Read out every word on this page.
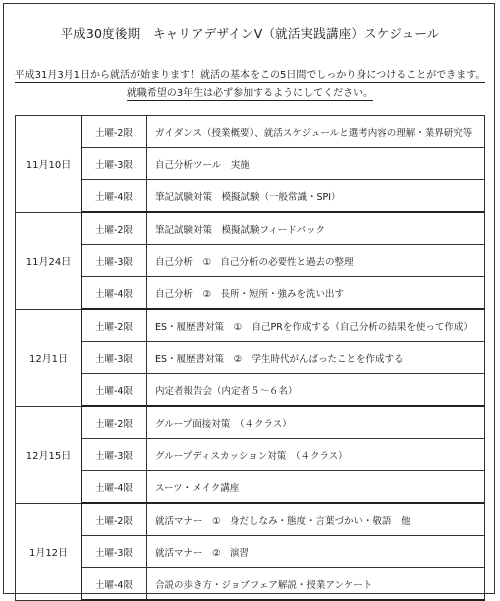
平成30度後期　キャリアデザインⅤ（就活実践講座）スケジュール
平成31月3月1日から就活が始まります！就活の基本をこの5日間でしっかり身につけることができます。
就職希望の3年生は必ず参加するようにしてください。
11月10日	土曜-2限	ガイダンス（授業概要）、就活スケジュールと選考内容の理解・業界研究等
	土曜-3限	自己分析ツール　実施
	土曜-4限	筆記試験対策　模擬試験（一般常識・SPI）
11月24日	土曜-2限	筆記試験対策　模擬試験フィードバック
	土曜-3限	自己分析　①　自己分析の必要性と過去の整理
	土曜-4限	自己分析　②　長所・短所・強みを洗い出す
12月1日	土曜-2限	ES・履歴書対策　①　自己PRを作成する（自己分析の結果を使って作成）
	土曜-3限	ES・履歴書対策　②　学生時代がんばったことを作成する
	土曜-4限	内定者報告会（内定者５～６名）
12月15日	土曜-2限	グループ面接対策　（４クラス）
	土曜-3限	グループディスカッション対策　（４クラス）
	土曜-4限	スーツ・メイク講座
1月12日	土曜-2限	就活マナー　①　身だしなみ・態度・言葉づかい・敬語　他
	土曜-3限	就活マナー　②　演習
	土曜-4限	合説の歩き方・ジョブフェア解説・授業アンケート
